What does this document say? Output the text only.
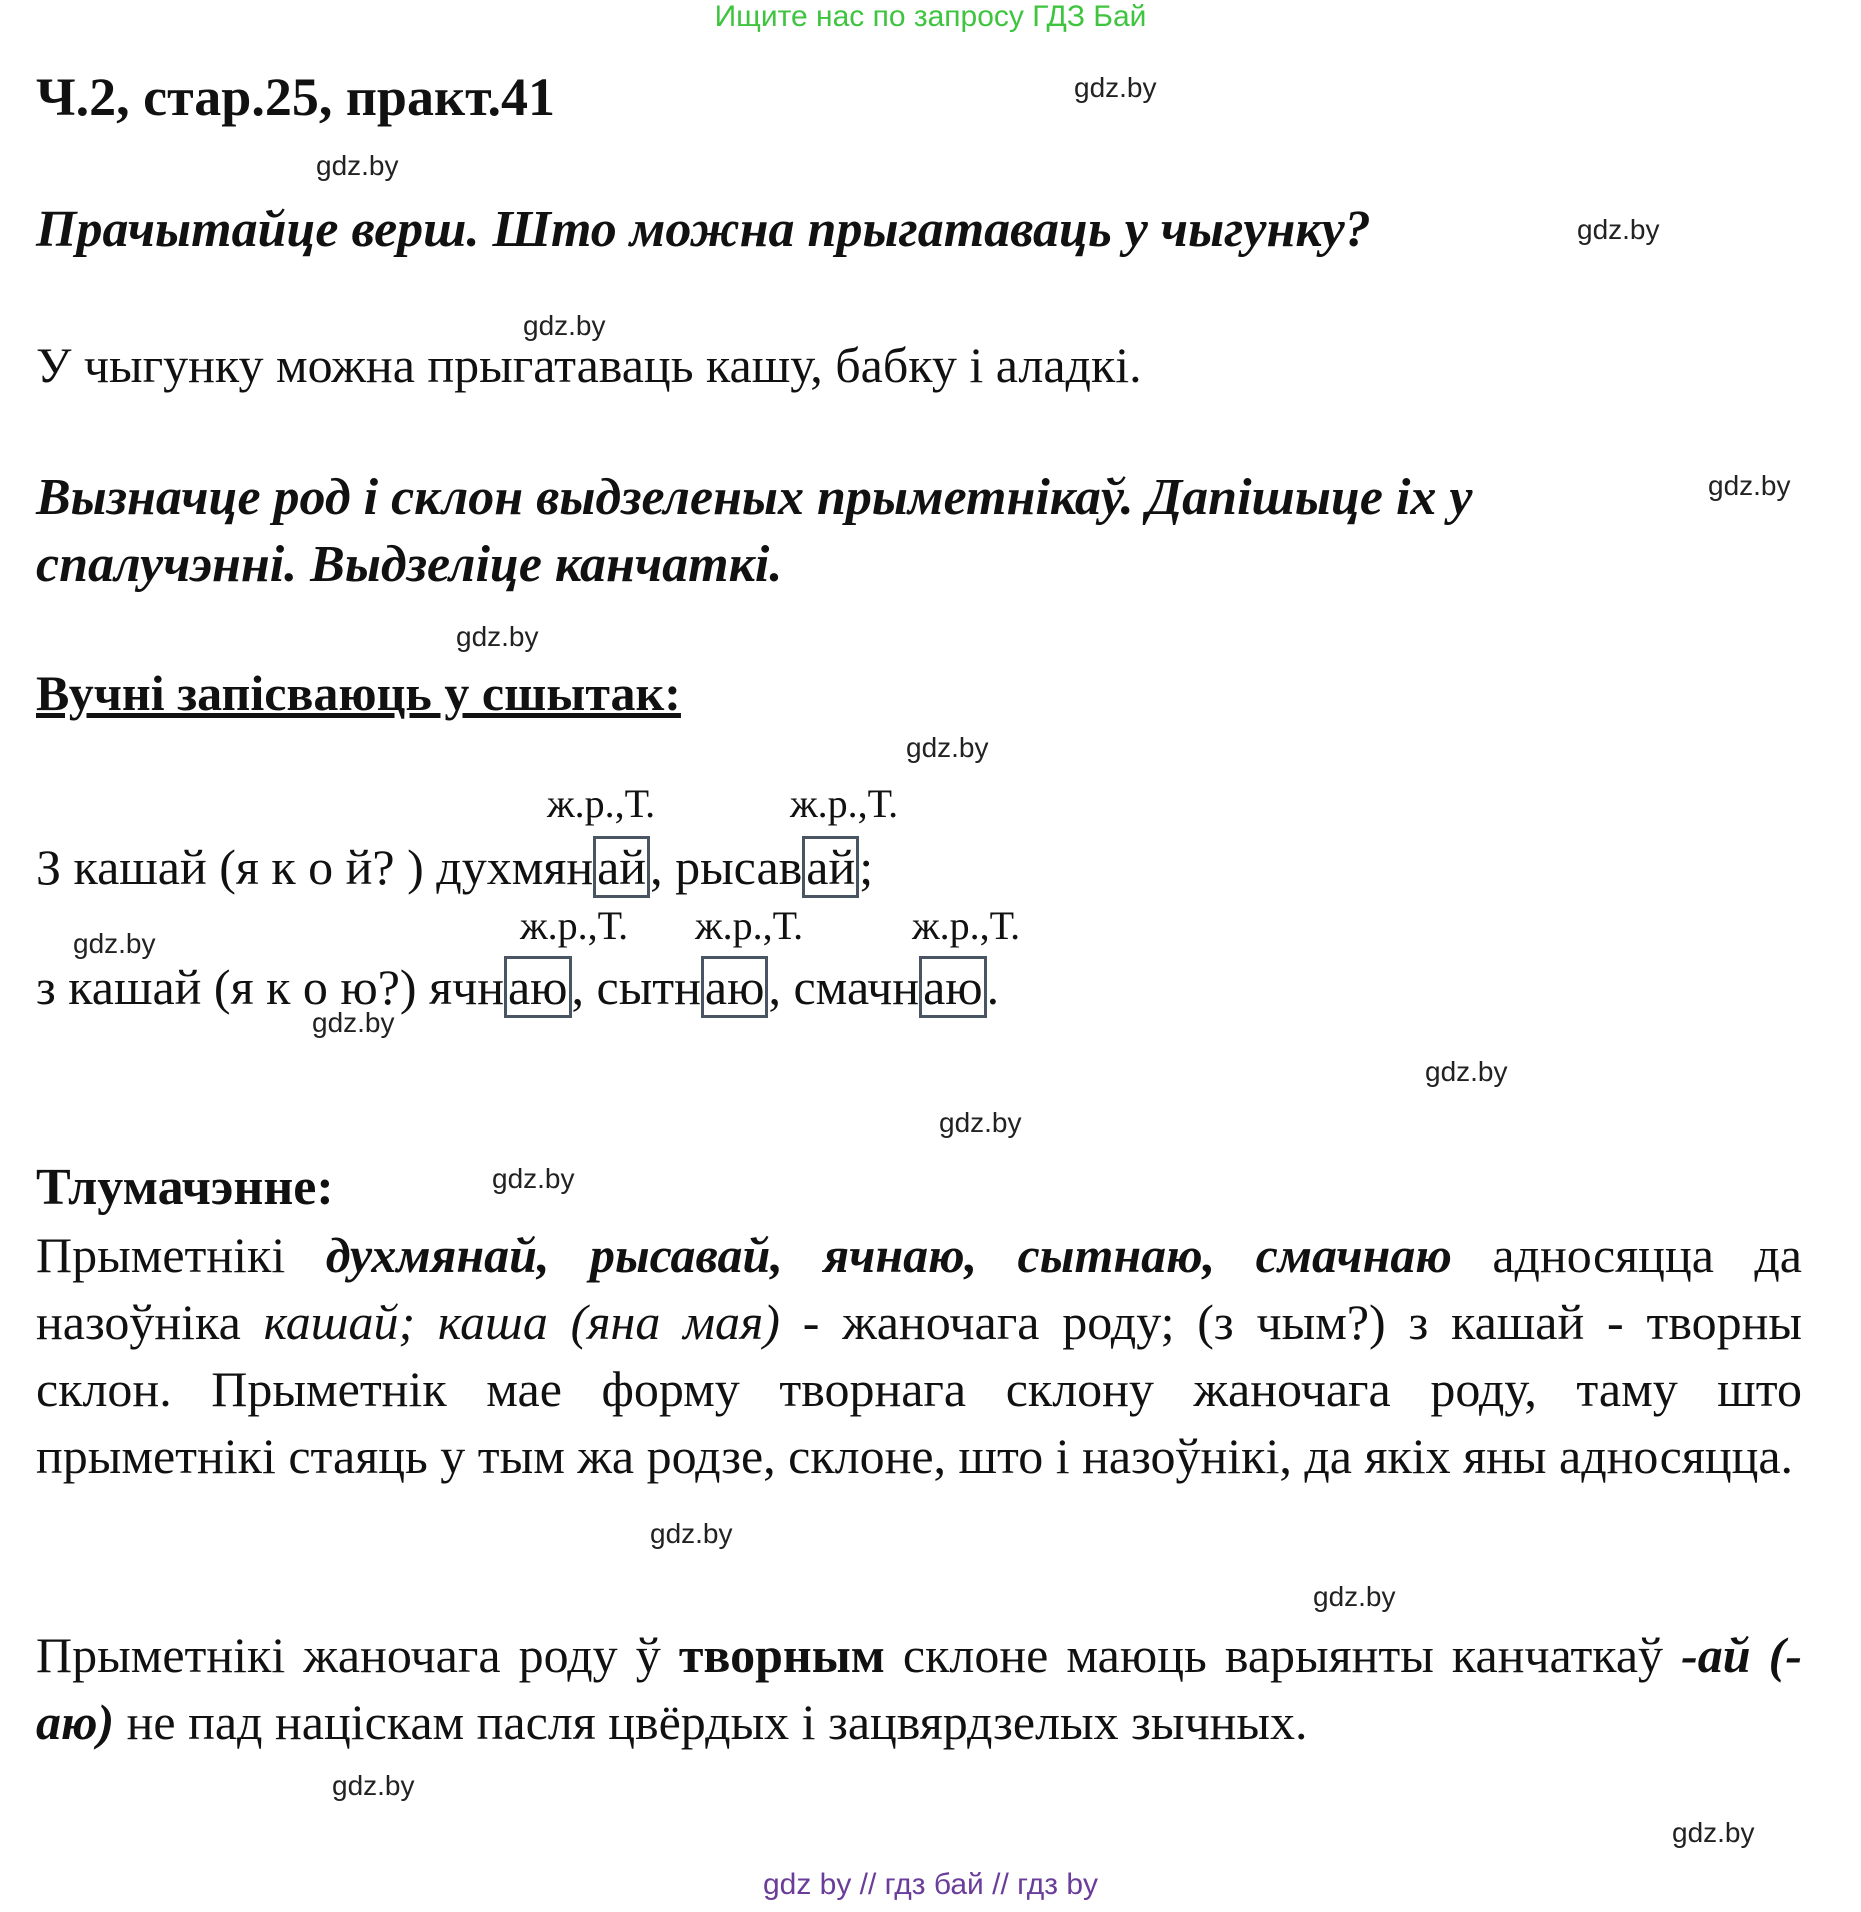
Ищите нас по запросу ГДЗ Бай
Ч.2, стар.25, практ.41
Прачытайце верш. Што можна прыгатаваць у чыгунку?
У чыгунку можна прыгатаваць кашу, бабку і аладкі.
Вызначце род і склон выдзеленых прыметнікаў. Дапішыце іх у
спалучэнні. Выдзеліце канчаткі.
Вучні запісваюць у сшытак:
ж.р.,Т.	ж.р.,Т.
З кашай (я к о й? ) духмянай, рысавай;
ж.р.,Т. ж.р.,Т.	ж.р.,Т.
з кашай (я к о ю?) ячнаю, сытнаю, смачнаю.
Тлумачэнне:
Прыметнікі духмянай, рысавай, ячнаю, сытнаю, смачнаю адносяцца да назоўніка кашай; каша (яна мая) - жаночага роду; (з чым?) з кашай - творны склон. Прыметнік мае форму творнага склону жаночага роду, таму што прыметнікі стаяць у тым жа родзе, склоне, што і назоўнікі, да якіх яны адносяцца.
Прыметнікі жаночага роду ў творным склоне маюць варыянты канчаткаў -ай (-аю) не пад націскам пасля цвёрдых і зацвярдзелых зычных.
gdz.by
gdz.by
gdz.by
gdz.by
gdz.by
gdz.by
gdz.by
gdz.by
gdz.by
gdz.by
gdz.by
gdz.by
gdz.by
gdz.by
gdz.by
gdz.by
gdz by // гдз бай // гдз by
